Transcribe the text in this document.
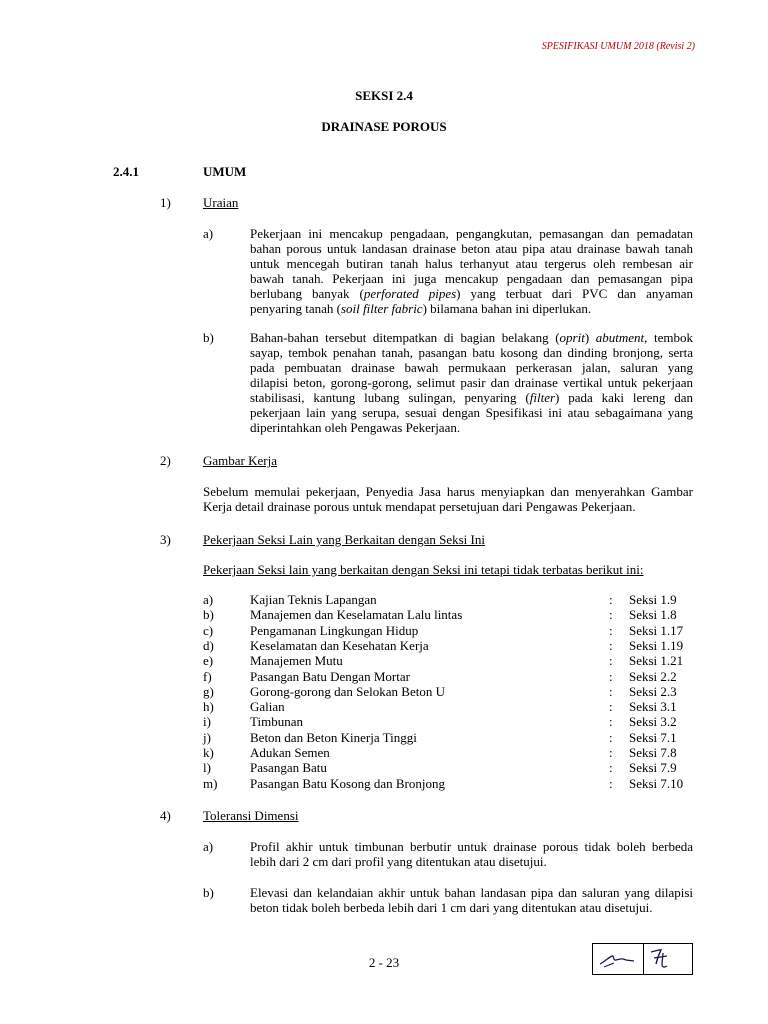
SPESIFIKASI UMUM 2018 (Revisi 2)
SEKSI 2.4
DRAINASE POROUS
2.4.1	UMUM
1) Uraian
a)	Pekerjaan ini mencakup pengadaan, pengangkutan, pemasangan dan pemadatan
bahan porous untuk landasan drainase beton atau pipa atau drainase bawah tanah
untuk mencegah butiran tanah halus terhanyut atau tergerus oleh rembesan air
bawah tanah. Pekerjaan ini juga mencakup pengadaan dan pemasangan pipa
berlubang banyak (perforated pipes) yang terbuat dari PVC dan anyaman
penyaring tanah (soil filter fabric) bilamana bahan ini diperlukan.
b)	Bahan-bahan tersebut ditempatkan di bagian belakang (oprit) abutment, tembok
sayap, tembok penahan tanah, pasangan batu kosong dan dinding bronjong, serta
pada pembuatan drainase bawah permukaan perkerasan jalan, saluran yang
dilapisi beton, gorong-gorong, selimut pasir dan drainase vertikal untuk pekerjaan
stabilisasi, kantung lubang sulingan, penyaring (filter) pada kaki lereng dan
pekerjaan lain yang serupa, sesuai dengan Spesifikasi ini atau sebagaimana yang
diperintahkan oleh Pengawas Pekerjaan.
2) Gambar Kerja
Sebelum memulai pekerjaan, Penyedia Jasa harus menyiapkan dan menyerahkan Gambar
Kerja detail drainase porous untuk mendapat persetujuan dari Pengawas Pekerjaan.
3) Pekerjaan Seksi Lain yang Berkaitan dengan Seksi Ini
Pekerjaan Seksi lain yang berkaitan dengan Seksi ini tetapi tidak terbatas berikut ini:
a)	Kajian Teknis Lapangan	: Seksi 1.9
b)	Manajemen dan Keselamatan Lalu lintas	: Seksi 1.8
c)	Pengamanan Lingkungan Hidup	: Seksi 1.17
d)	Keselamatan dan Kesehatan Kerja	: Seksi 1.19
e)	Manajemen Mutu	: Seksi 1.21
f)	Pasangan Batu Dengan Mortar	: Seksi 2.2
g)	Gorong-gorong dan Selokan Beton U	: Seksi 2.3
h)	Galian	: Seksi 3.1
i)	Timbunan	: Seksi 3.2
j)	Beton dan Beton Kinerja Tinggi	: Seksi 7.1
k)	Adukan Semen	: Seksi 7.8
l)	Pasangan Batu	: Seksi 7.9
m)	Pasangan Batu Kosong dan Bronjong	: Seksi 7.10
4) Toleransi Dimensi
a)	Profil akhir untuk timbunan berbutir untuk drainase porous tidak boleh berbeda
lebih dari 2 cm dari profil yang ditentukan atau disetujui.
b)	Elevasi dan kelandaian akhir untuk bahan landasan pipa dan saluran yang dilapisi
beton tidak boleh berbeda lebih dari 1 cm dari yang ditentukan atau disetujui.
2 - 23
